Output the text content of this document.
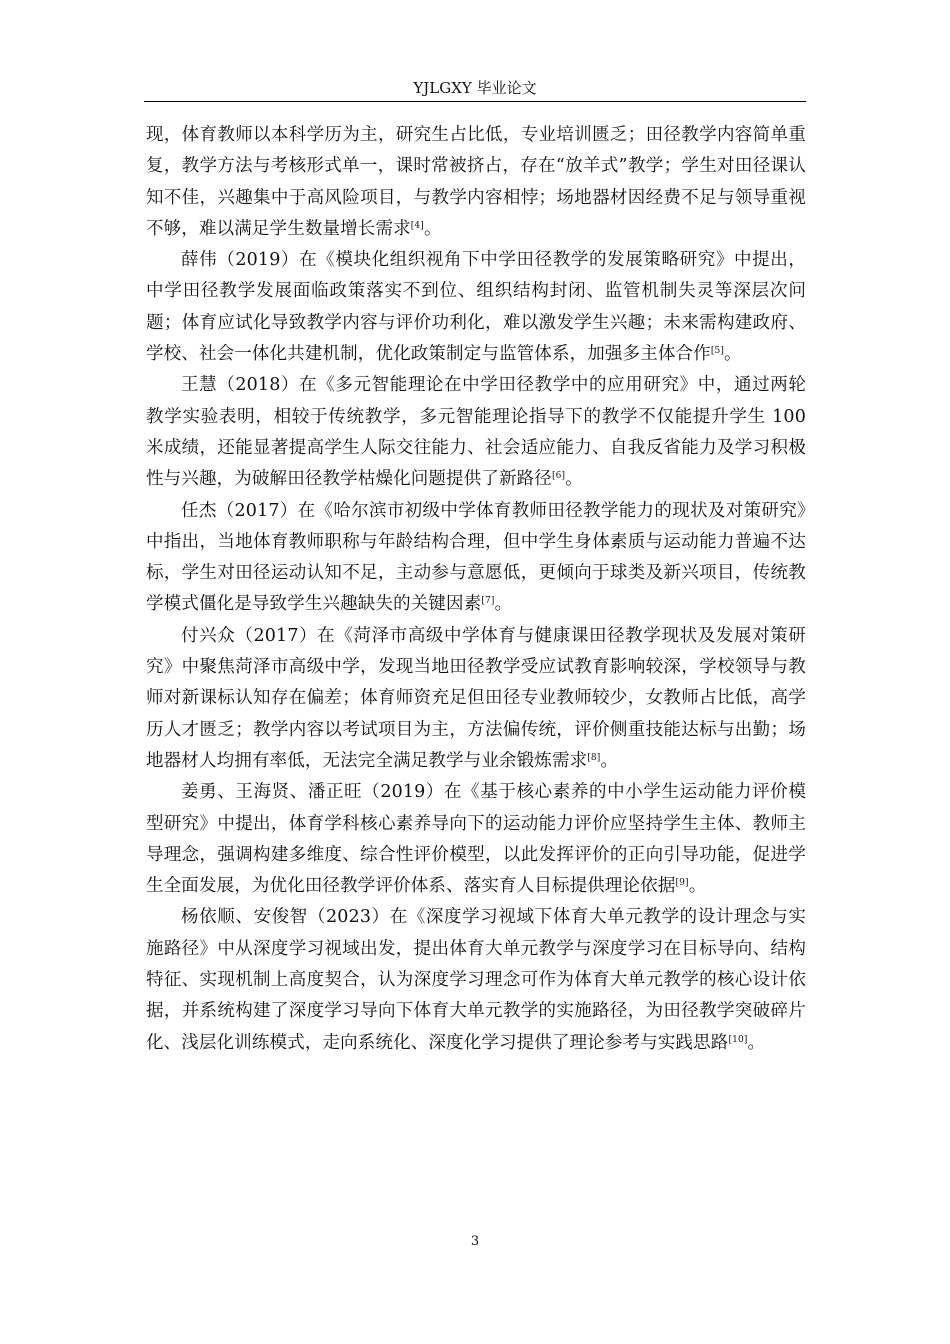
YJLGXY 毕业论文

现，体育教师以本科学历为主，研究生占比低，专业培训匮乏；田径教学内容简单重复，教学方法与考核形式单一，课时常被挤占，存在“放羊式”教学；学生对田径课认知不佳，兴趣集中于高风险项目，与教学内容相悖；场地器材因经费不足与领导重视不够，难以满足学生数量增长需求[4]。

薛伟（2019）在《模块化组织视角下中学田径教学的发展策略研究》中提出，中学田径教学发展面临政策落实不到位、组织结构封闭、监管机制失灵等深层次问题；体育应试化导致教学内容与评价功利化，难以激发学生兴趣；未来需构建政府、学校、社会一体化共建机制，优化政策制定与监管体系，加强多主体合作[5]。

王慧（2018）在《多元智能理论在中学田径教学中的应用研究》中，通过两轮教学实验表明，相较于传统教学，多元智能理论指导下的教学不仅能提升学生 100 米成绩，还能显著提高学生人际交往能力、社会适应能力、自我反省能力及学习积极性与兴趣，为破解田径教学枯燥化问题提供了新路径[6]。

任杰（2017）在《哈尔滨市初级中学体育教师田径教学能力的现状及对策研究》中指出，当地体育教师职称与年龄结构合理，但中学生身体素质与运动能力普遍不达标，学生对田径运动认知不足，主动参与意愿低，更倾向于球类及新兴项目，传统教学模式僵化是导致学生兴趣缺失的关键因素[7]。

付兴众（2017）在《菏泽市高级中学体育与健康课田径教学现状及发展对策研究》中聚焦菏泽市高级中学，发现当地田径教学受应试教育影响较深，学校领导与教师对新课标认知存在偏差；体育师资充足但田径专业教师较少，女教师占比低，高学历人才匮乏；教学内容以考试项目为主，方法偏传统，评价侧重技能达标与出勤；场地器材人均拥有率低，无法完全满足教学与业余锻炼需求[8]。

姜勇、王海贤、潘正旺（2019）在《基于核心素养的中小学生运动能力评价模型研究》中提出，体育学科核心素养导向下的运动能力评价应坚持学生主体、教师主导理念，强调构建多维度、综合性评价模型，以此发挥评价的正向引导功能，促进学生全面发展，为优化田径教学评价体系、落实育人目标提供理论依据[9]。

杨依顺、安俊智（2023）在《深度学习视域下体育大单元教学的设计理念与实施路径》中从深度学习视域出发，提出体育大单元教学与深度学习在目标导向、结构特征、实现机制上高度契合，认为深度学习理念可作为体育大单元教学的核心设计依据，并系统构建了深度学习导向下体育大单元教学的实施路径，为田径教学突破碎片化、浅层化训练模式，走向系统化、深度化学习提供了理论参考与实践思路[10]。

3
